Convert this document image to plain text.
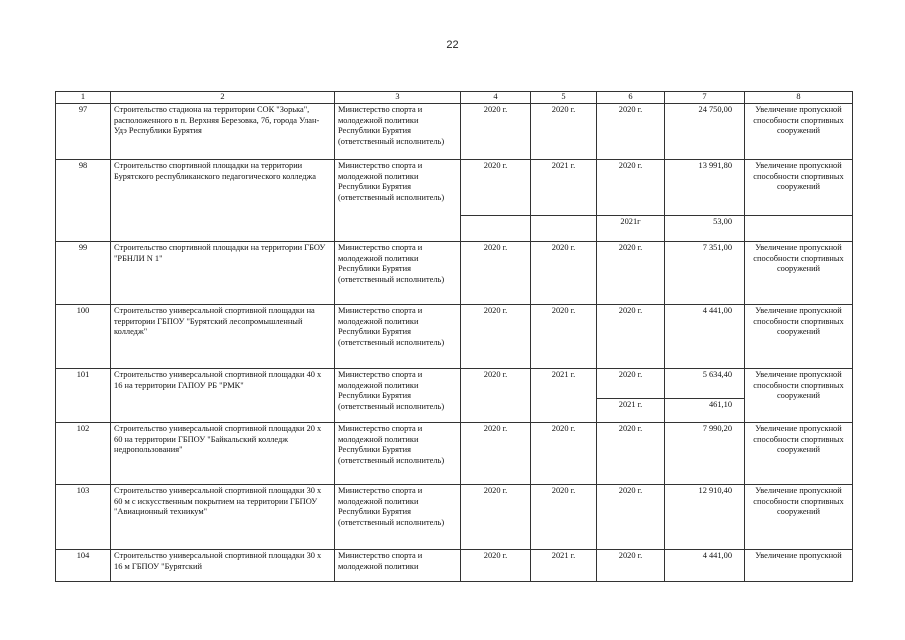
22
1	2	3	4	5	6	7	8
97	Строительство стадиона на территории СОК "Зорька", расположенного в п. Верхняя Березовка, 7б, города Улан-Удэ Республики Бурятия	Министерство спорта и молодежной политики Республики Бурятия (ответственный исполнитель)	2020 г.	2020 г.	2020 г.	24 750,00	Увеличение пропускной способности спортивных сооружений
98	Строительство спортивной площадки на территории Бурятского республиканского педагогического колледжа	Министерство спорта и молодежной политики Республики Бурятия (ответственный исполнитель)	2020 г.	2021 г.	2020 г.	13 991,80	Увеличение пропускной способности спортивных сооружений
					2021г	53,00	
99	Строительство спортивной площадки на территории ГБОУ "РБНЛИ N 1"	Министерство спорта и молодежной политики Республики Бурятия (ответственный исполнитель)	2020 г.	2020 г.	2020 г.	7 351,00	Увеличение пропускной способности спортивных сооружений
100	Строительство универсальной спортивной площадки на территории ГБПОУ "Бурятский лесопромышленный колледж"	Министерство спорта и молодежной политики Республики Бурятия (ответственный исполнитель)	2020 г.	2020 г.	2020 г.	4 441,00	Увеличение пропускной способности спортивных сооружений
101	Строительство универсальной спортивной площадки 40 х 16 на территории ГАПОУ РБ "РМК"	Министерство спорта и молодежной политики Республики Бурятия (ответственный исполнитель)	2020 г.	2021 г.	2020 г.	5 634,40	Увеличение пропускной способности спортивных сооружений
					2021 г.	461,10	
102	Строительство универсальной спортивной площадки 20 х 60 на территории ГБПОУ "Байкальский колледж недропользования"	Министерство спорта и молодежной политики Республики Бурятия (ответственный исполнитель)	2020 г.	2020 г.	2020 г.	7 990,20	Увеличение пропускной способности спортивных сооружений
103	Строительство универсальной спортивной площадки 30 х 60 м с искусственным покрытием на территории ГБПОУ "Авиационный техникум"	Министерство спорта и молодежной политики Республики Бурятия (ответственный исполнитель)	2020 г.	2020 г.	2020 г.	12 910,40	Увеличение пропускной способности спортивных сооружений
104	Строительство универсальной спортивной площадки 30 х 16 м ГБПОУ "Бурятский	Министерство спорта и молодежной политики	2020 г.	2021 г.	2020 г.	4 441,00	Увеличение пропускной
